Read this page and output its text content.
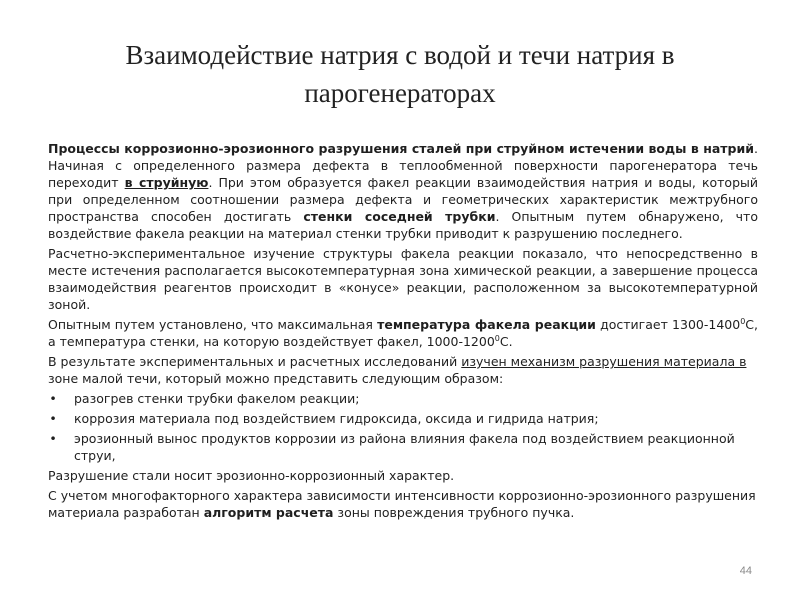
Взаимодействие натрия с водой и течи натрия в
парогенераторах

Процессы коррозионно-эрозионного разрушения сталей при струйном истечении воды в натрий. Начиная с определенного размера дефекта в теплообменной поверхности парогенератора течь переходит в струйную. При этом образуется факел реакции взаимодействия натрия и воды, который при определенном соотношении размера дефекта и геометрических характеристик межтрубного пространства способен достигать стенки соседней трубки. Опытным путем обнаружено, что воздействие факела реакции на материал стенки трубки приводит к разрушению последнего.

Расчетно-экспериментальное изучение структуры факела реакции показало, что непосредственно в месте истечения располагается высокотемпературная зона химической реакции, а завершение процесса взаимодействия реагентов происходит в «конусе» реакции, расположенном за высокотемпературной зоной.

Опытным путем установлено, что максимальная температура факела реакции достигает 1300-1400$^0$С, а температура стенки, на которую воздействует факел, 1000-1200$^0$С.

В результате экспериментальных и расчетных исследований изучен механизм разрушения материала в зоне малой течи, который можно представить следующим образом:

• разогрев стенки трубки факелом реакции;
• коррозия материала под воздействием гидроксида, оксида и гидрида натрия;
• эрозионный вынос продуктов коррозии из района влияния факела под воздействием реакционной струи,

Разрушение стали носит эрозионно-коррозионный характер.

С учетом многофакторного характера зависимости интенсивности коррозионно-эрозионного разрушения материала разработан алгоритм расчета зоны повреждения трубного пучка.

44
